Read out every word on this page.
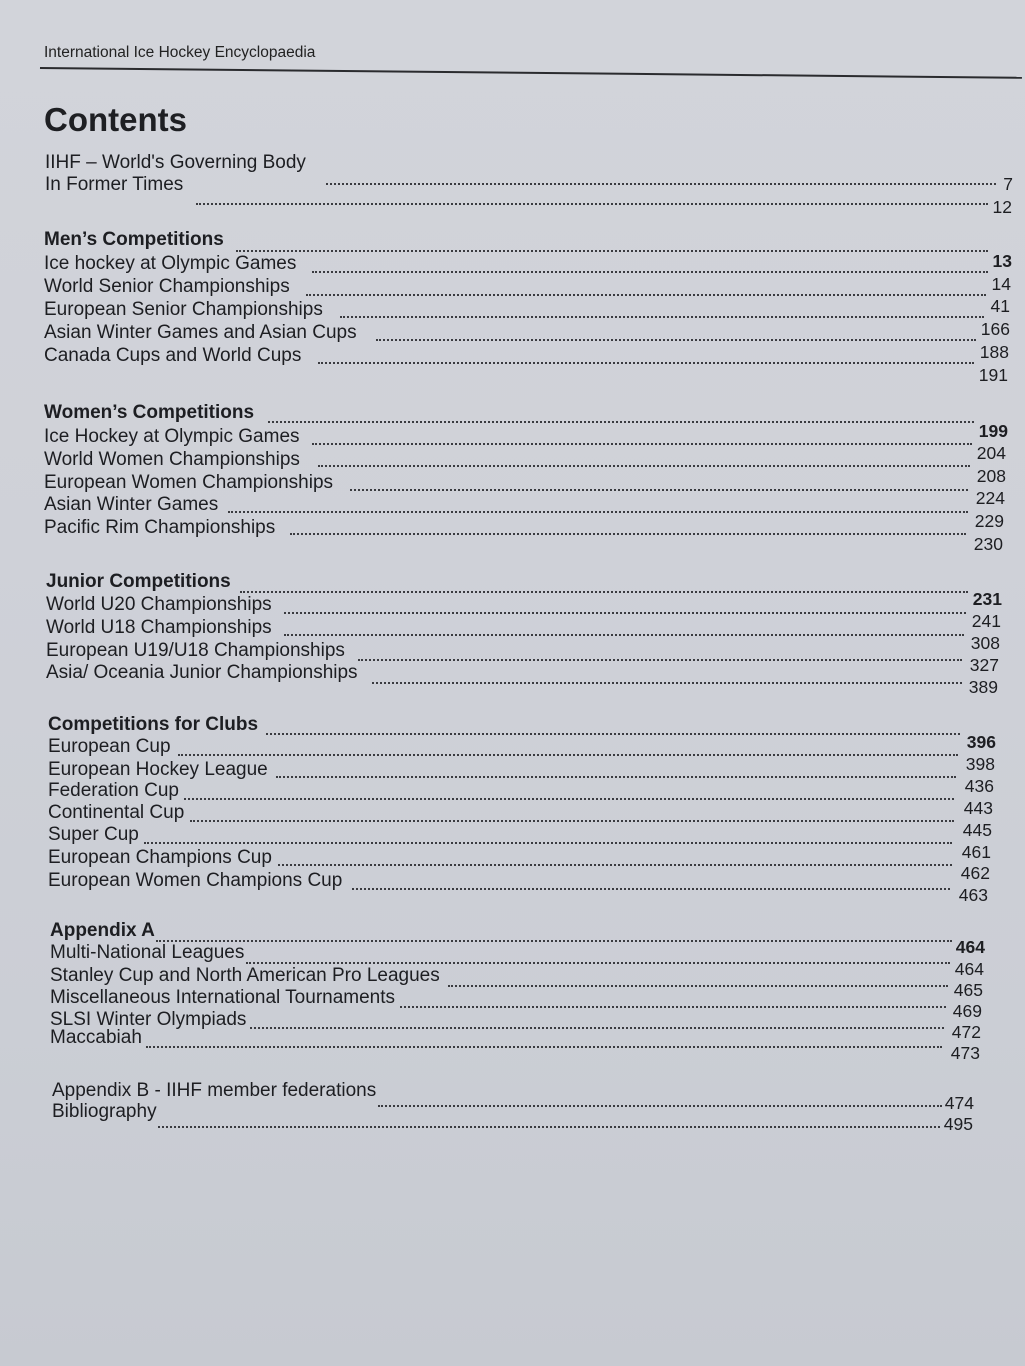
International Ice Hockey Encyclopaedia
Contents
IIHF – World's Governing Body
In Former Times	7
12
Men’s Competitions
Ice hockey at Olympic Games
World Senior Championships
European Senior Championships
Asian Winter Games and Asian Cups
Canada Cups and World Cups
13
14
41
166
188
191
Women’s Competitions
Ice Hockey at Olympic Games
World Women Championships
European Women Championships
Asian Winter Games
Pacific Rim Championships
199
204
208
224
229
230
Junior Competitions
World U20 Championships
World U18 Championships
European U19/U18 Championships
Asia/ Oceania Junior Championships
231
241
308
327
389
Competitions for Clubs
European Cup
European Hockey League
Federation Cup
Continental Cup
Super Cup
European Champions Cup
European Women Champions Cup
396
398
436
443
445
461
462
463
Appendix A
Multi-National Leagues
Stanley Cup and North American Pro Leagues
Miscellaneous International Tournaments
SLSI Winter Olympiads
Maccabiah
464
464
465
469
472
473
Appendix B - IIHF member federations
Bibliography	474
495
